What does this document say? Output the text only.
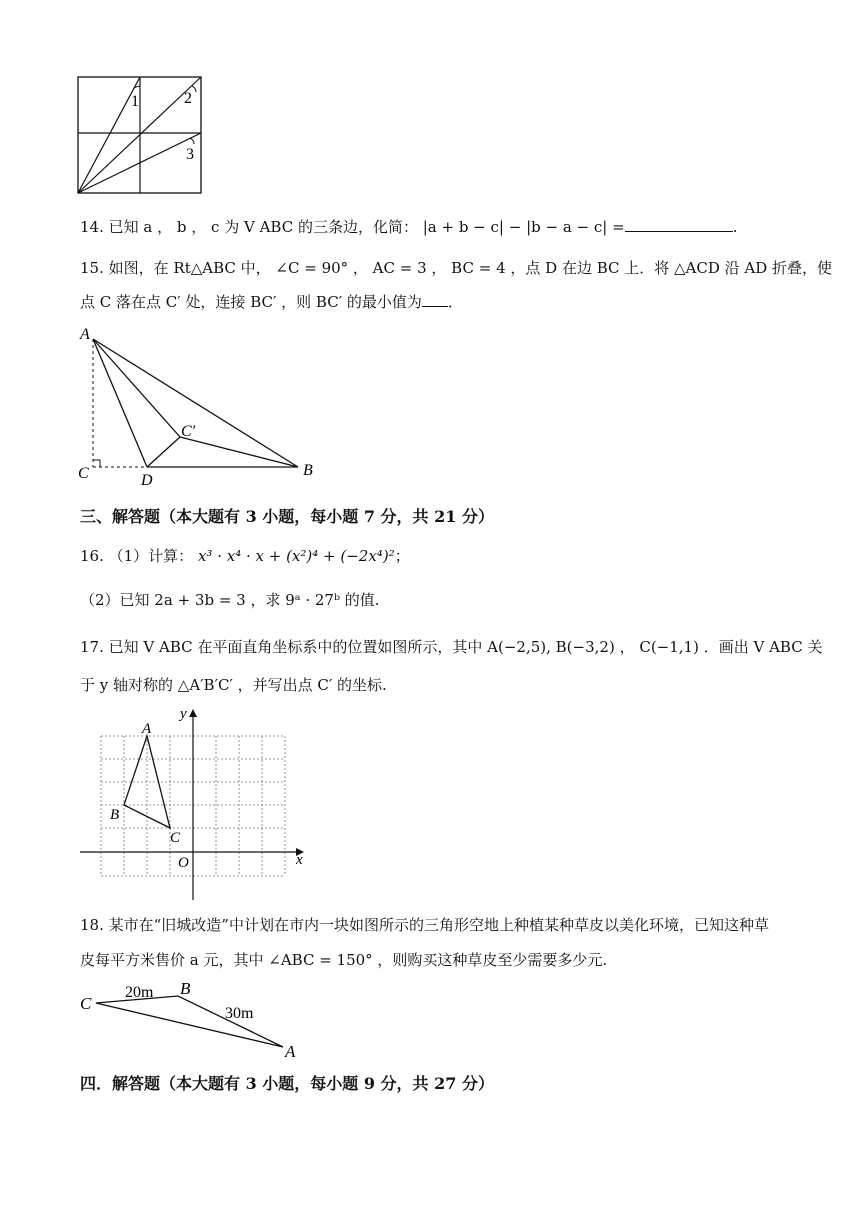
1	2
3
14. 已知 a ， b ， c 为 V ABC 的三条边，化简： |a + b − c| − |b − a − c| =	.
15. 如图，在 Rt△ABC 中， ∠C = 90° ， AC = 3 ， BC = 4 ，点 D 在边 BC 上．将 △ACD 沿 AD 折叠，使
点 C 落在点 C′ 处，连接 BC′ ，则 BC′ 的最小值为 ．
A
C	D
B
C′
三、解答题（本大题有 3 小题，每小题 7 分，共 21 分）
16. （1）计算： x³ · x⁴ · x + (x²)⁴ + (−2x⁴)²；
（2）已知 2a + 3b = 3 ，求 9ᵃ · 27ᵇ 的值.
17. 已知 V ABC 在平面直角坐标系中的位置如图所示，其中 A(−2,5), B(−3,2) ， C(−1,1) ．画出 V ABC 关
于 y 轴对称的 △A′B′C′ ，并写出点 C′ 的坐标.
y
x
O
A
B
C
18. 某市在“旧城改造”中计划在市内一块如图所示的三角形空地上种植某种草皮以美化环境，已知这种草
皮每平方米售价 a 元，其中 ∠ABC = 150° ，则购买这种草皮至少需要多少元.
C
B
A
20m
30m
四．解答题（本大题有 3 小题，每小题 9 分，共 27 分）
